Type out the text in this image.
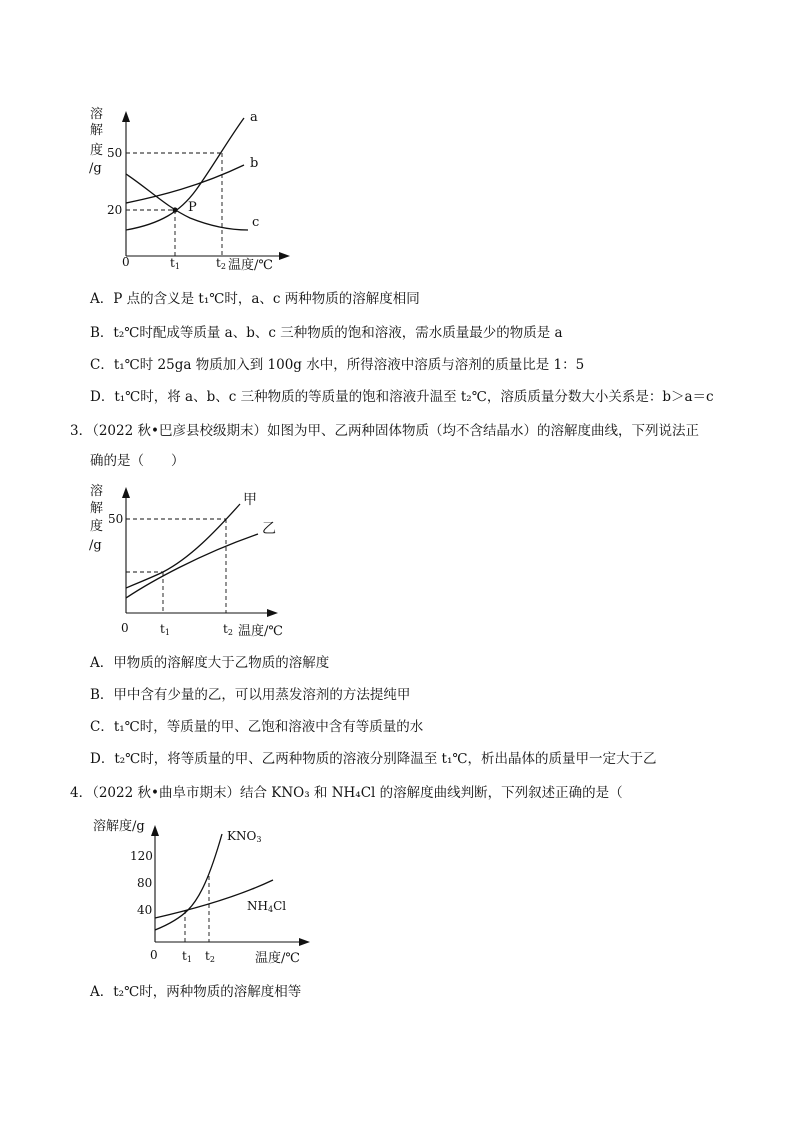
溶
解
度
/g
50
20
0	t1	t2 温度/℃
P
a
b
c
A．P 点的含义是 t₁℃时，a、c 两种物质的溶解度相同
B．t₂℃时配成等质量 a、b、c 三种物质的饱和溶液，需水质量最少的物质是 a
C．t₁℃时 25ga 物质加入到 100g 水中，所得溶液中溶质与溶剂的质量比是 1：5
D．t₁℃时，将 a、b、c 三种物质的等质量的饱和溶液升温至 t₂℃，溶质质量分数大小关系是：b＞a＝c
3．（2022 秋•巴彦县校级期末）如图为甲、乙两种固体物质（均不含结晶水）的溶解度曲线，下列说法正
确的是（　　）
溶
解
度
/g
50
0	t1	t2 温度/℃
甲
乙
A．甲物质的溶解度大于乙物质的溶解度
B．甲中含有少量的乙，可以用蒸发溶剂的方法提纯甲
C．t₁℃时，等质量的甲、乙饱和溶液中含有等质量的水
D．t₂℃时，将等质量的甲、乙两种物质的溶液分别降温至 t₁℃，析出晶体的质量甲一定大于乙
4．（2022 秋•曲阜市期末）结合 KNO₃ 和 NH₄Cl 的溶解度曲线判断，下列叙述正确的是（
溶解度/g
120
80
40
0 t1 t2	温度/℃
KNO3
NH4Cl
A．t₂℃时，两种物质的溶解度相等
